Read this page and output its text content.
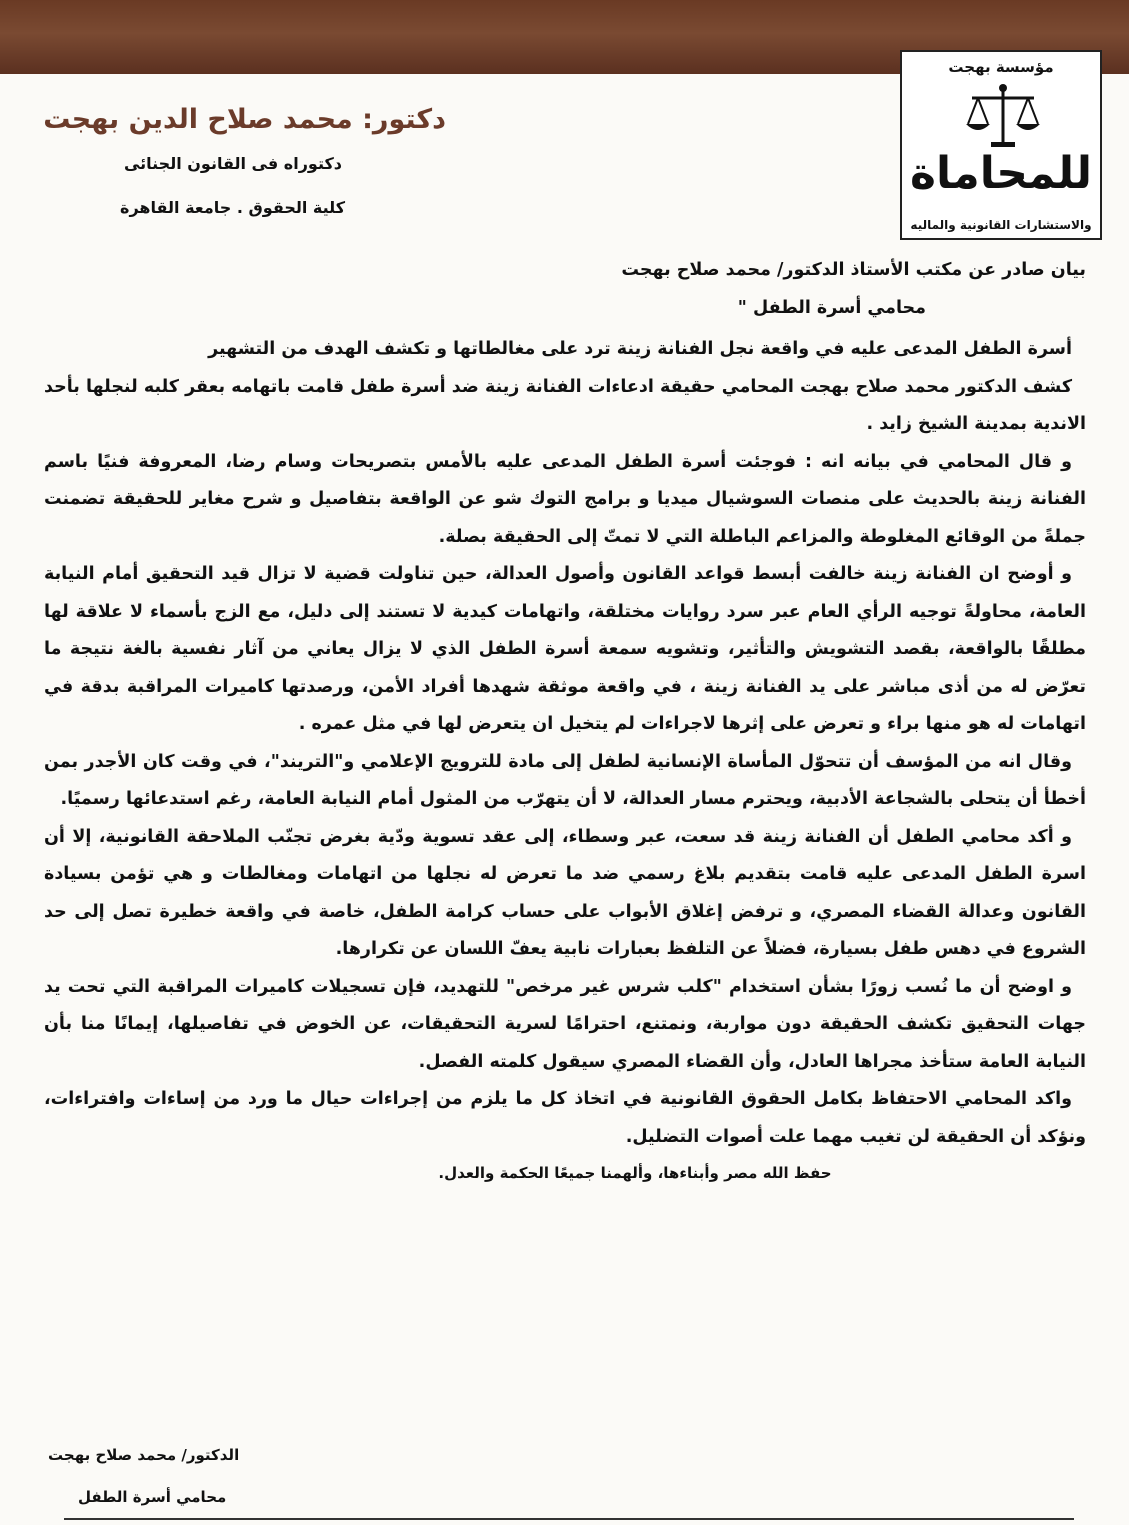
مؤسسة بهجت
للمحاماة
والاستشارات القانونية والماليه
دكتور: محمد صلاح الدين بهجت
دكتوراه فى القانون الجنائى
كلية الحقوق . جامعة القاهرة

بيان صادر عن مكتب الأستاذ الدكتور/ محمد صلاح بهجت

محامي أسرة الطفل "

أسرة الطفل المدعى عليه في واقعة نجل الفنانة زينة ترد على مغالطاتها و تكشف الهدف من التشهير

كشف الدكتور محمد صلاح بهجت المحامي حقيقة ادعاءات الفنانة زينة ضد أسرة طفل قامت باتهامه بعقر كلبه لنجلها بأحد الاندية بمدينة الشيخ زايد .

و قال المحامي في بيانه انه : فوجئت أسرة الطفل المدعى عليه بالأمس بتصريحات وسام رضا، المعروفة فنيًا باسم الفنانة زينة بالحديث على منصات السوشيال ميديا و برامج التوك شو عن الواقعة بتفاصيل و شرح مغاير للحقيقة تضمنت جملةً من الوقائع المغلوطة والمزاعم الباطلة التي لا تمتّ إلى الحقيقة بصلة.

و أوضح ان الفنانة زينة خالفت أبسط قواعد القانون وأصول العدالة، حين تناولت قضية لا تزال قيد التحقيق أمام النيابة العامة، محاولةً توجيه الرأي العام عبر سرد روايات مختلقة، واتهامات كيدية لا تستند إلى دليل، مع الزج بأسماء لا علاقة لها مطلقًا بالواقعة، بقصد التشويش والتأثير، وتشويه سمعة أسرة الطفل الذي لا يزال يعاني من آثار نفسية بالغة نتيجة ما تعرّض له من أذى مباشر على يد الفنانة زينة ، في واقعة موثقة شهدها أفراد الأمن، ورصدتها كاميرات المراقبة بدقة في اتهامات له هو منها براء و تعرض على إثرها لاجراءات لم يتخيل ان يتعرض لها في مثل عمره .

وقال انه من المؤسف أن تتحوّل المأساة الإنسانية لطفل إلى مادة للترويج الإعلامي و"التريند"، في وقت كان الأجدر بمن أخطأ أن يتحلى بالشجاعة الأدبية، ويحترم مسار العدالة، لا أن يتهرّب من المثول أمام النيابة العامة، رغم استدعائها رسميًا.

و أكد محامي الطفل أن الفنانة زينة قد سعت، عبر وسطاء، إلى عقد تسوية ودّية بغرض تجنّب الملاحقة القانونية، إلا أن اسرة الطفل المدعى عليه قامت بتقديم بلاغ رسمي ضد ما تعرض له نجلها من اتهامات ومغالطات و هي تؤمن بسيادة القانون وعدالة القضاء المصري، و ترفض إغلاق الأبواب على حساب كرامة الطفل، خاصة في واقعة خطيرة تصل إلى حد الشروع في دهس طفل بسيارة، فضلاً عن التلفظ بعبارات نابية يعفّ اللسان عن تكرارها.

و اوضح أن ما نُسب زورًا بشأن استخدام "كلب شرس غير مرخص" للتهديد، فإن تسجيلات كاميرات المراقبة التي تحت يد جهات التحقيق تكشف الحقيقة دون مواربة، ونمتنع، احترامًا لسرية التحقيقات، عن الخوض في تفاصيلها، إيمانًا منا بأن النيابة العامة ستأخذ مجراها العادل، وأن القضاء المصري سيقول كلمته الفصل.

واكد المحامي الاحتفاظ بكامل الحقوق القانونية في اتخاذ كل ما يلزم من إجراءات حيال ما ورد من إساءات وافتراءات، ونؤكد أن الحقيقة لن تغيب مهما علت أصوات التضليل.

حفظ الله مصر وأبناءها، وألهمنا جميعًا الحكمة والعدل.

الدكتور/ محمد صلاح بهجت
محامي أسرة الطفل
